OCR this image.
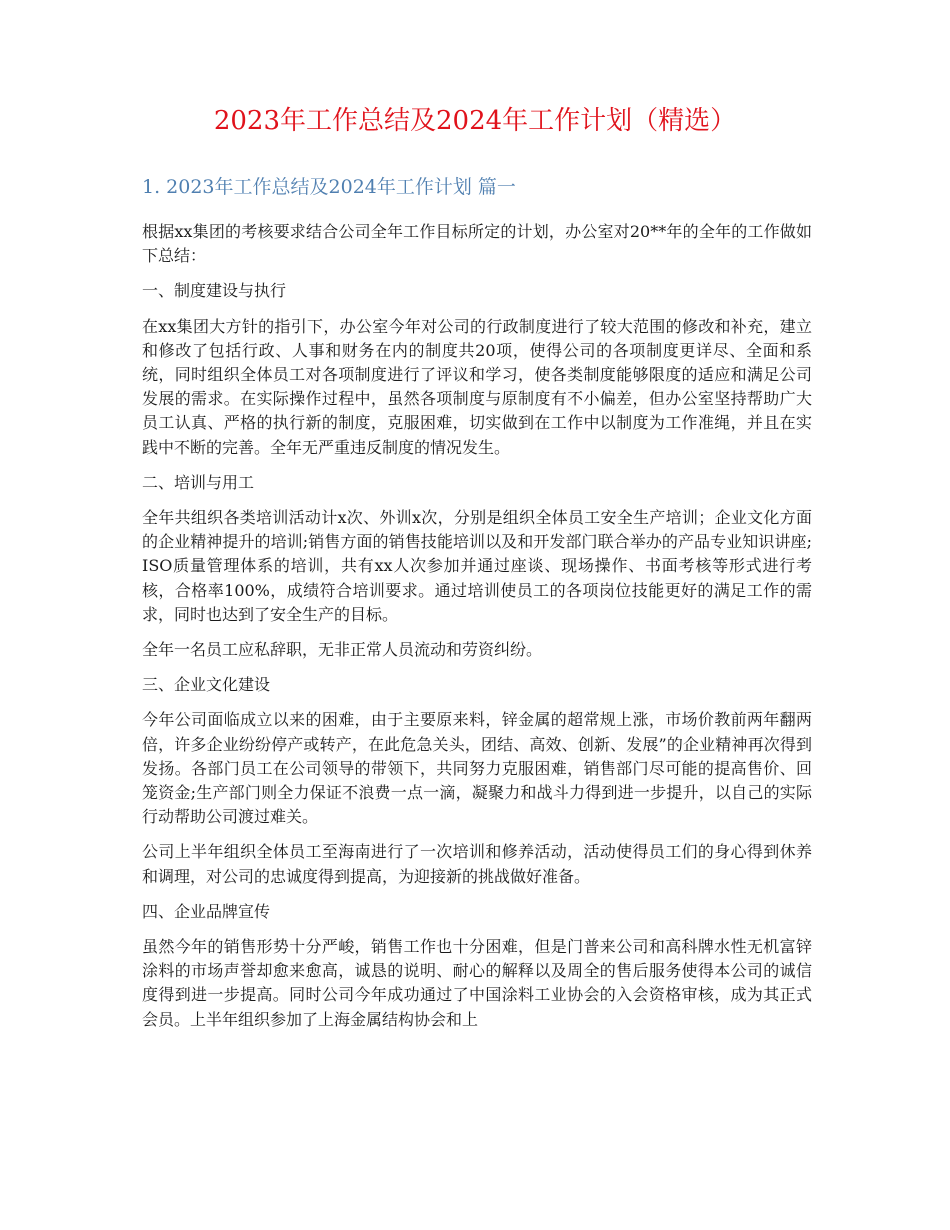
2023年工作总结及2024年工作计划（精选）
1. 2023年工作总结及2024年工作计划 篇一

根据xx集团的考核要求结合公司全年工作目标所定的计划，办公室对20**年的全年的工作做如下总结：

一、制度建设与执行

在xx集团大方针的指引下，办公室今年对公司的行政制度进行了较大范围的修改和补充，建立和修改了包括行政、人事和财务在内的制度共20项，使得公司的各项制度更详尽、全面和系统，同时组织全体员工对各项制度进行了评议和学习，使各类制度能够限度的适应和满足公司发展的需求。在实际操作过程中，虽然各项制度与原制度有不小偏差，但办公室坚持帮助广大员工认真、严格的执行新的制度，克服困难，切实做到在工作中以制度为工作准绳，并且在实践中不断的完善。全年无严重违反制度的情况发生。

二、培训与用工

全年共组织各类培训活动计x次、外训x次，分别是组织全体员工安全生产培训；企业文化方面的企业精神提升的培训;销售方面的销售技能培训以及和开发部门联合举办的产品专业知识讲座;ISO质量管理体系的培训，共有xx人次参加并通过座谈、现场操作、书面考核等形式进行考核，合格率100%，成绩符合培训要求。通过培训使员工的各项岗位技能更好的满足工作的需求，同时也达到了安全生产的目标。

全年一名员工应私辞职，无非正常人员流动和劳资纠纷。

三、企业文化建设

今年公司面临成立以来的困难，由于主要原来料，锌金属的超常规上涨，市场价教前两年翻两倍，许多企业纷纷停产或转产，在此危急关头，团结、高效、创新、发展”的企业精神再次得到发扬。各部门员工在公司领导的带领下，共同努力克服困难，销售部门尽可能的提高售价、回笼资金;生产部门则全力保证不浪费一点一滴，凝聚力和战斗力得到进一步提升，以自己的实际行动帮助公司渡过难关。

公司上半年组织全体员工至海南进行了一次培训和修养活动，活动使得员工们的身心得到休养和调理，对公司的忠诚度得到提高，为迎接新的挑战做好准备。

四、企业品牌宣传

虽然今年的销售形势十分严峻，销售工作也十分困难，但是门普来公司和高科牌水性无机富锌涂料的市场声誉却愈来愈高，诚恳的说明、耐心的解释以及周全的售后服务使得本公司的诚信度得到进一步提高。同时公司今年成功通过了中国涂料工业协会的入会资格审核，成为其正式会员。上半年组织参加了上海金属结构协会和上
